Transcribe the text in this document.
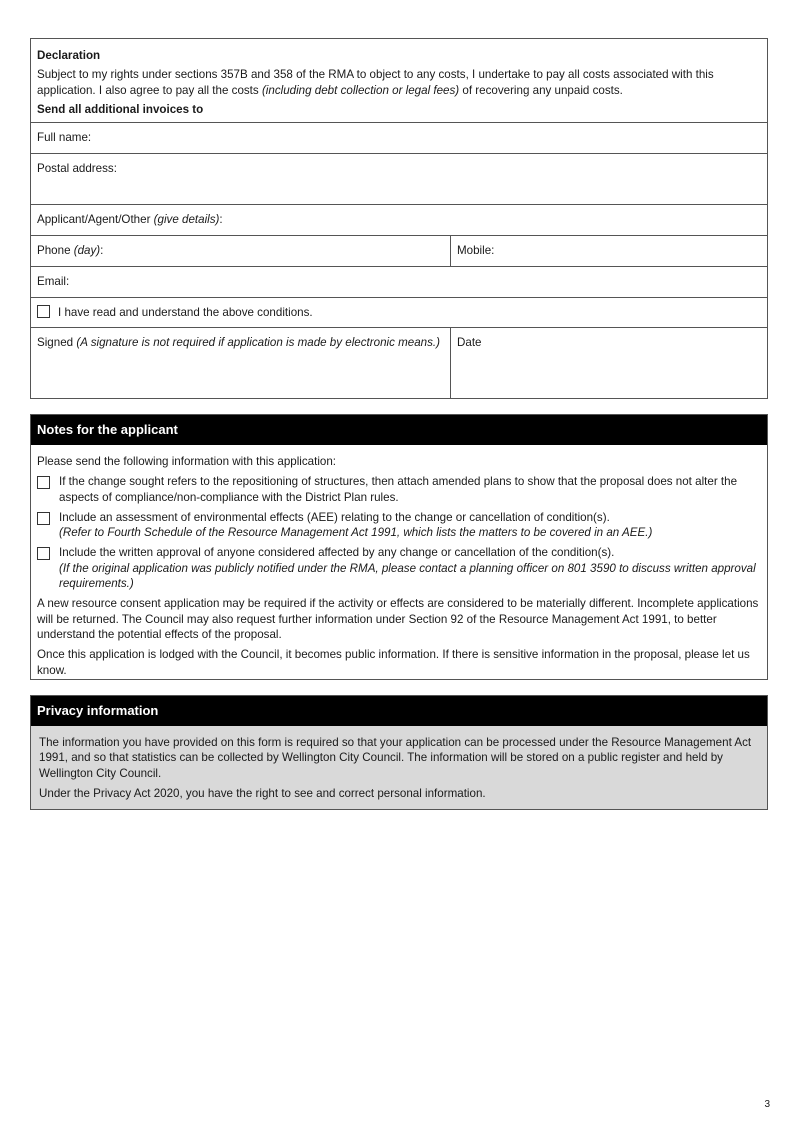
Declaration
Subject to my rights under sections 357B and 358 of the RMA to object to any costs, I undertake to pay all costs associated with this application. I also agree to pay all the costs (including debt collection or legal fees) of recovering any unpaid costs.
Send all additional invoices to
Full name:
Postal address:
Applicant/Agent/Other (give details):
Phone (day):	Mobile:
Email:
I have read and understand the above conditions.
Signed (A signature is not required if application is made by electronic means.)	Date
Notes for the applicant

Please send the following information with this application:

If the change sought refers to the repositioning of structures, then attach amended plans to show that the proposal does not alter the aspects of compliance/non-compliance with the District Plan rules.
Include an assessment of environmental effects (AEE) relating to the change or cancellation of condition(s).
(Refer to Fourth Schedule of the Resource Management Act 1991, which lists the matters to be covered in an AEE.)
Include the written approval of anyone considered affected by any change or cancellation of the condition(s).
(If the original application was publicly notified under the RMA, please contact a planning officer on 801 3590 to discuss written approval requirements.)

A new resource consent application may be required if the activity or effects are considered to be materially different. Incomplete applications will be returned. The Council may also request further information under Section 92 of the Resource Management Act 1991, to better understand the potential effects of the proposal.

Once this application is lodged with the Council, it becomes public information. If there is sensitive information in the proposal, please let us know.

Privacy information

The information you have provided on this form is required so that your application can be processed under the Resource Management Act 1991, and so that statistics can be collected by Wellington City Council. The information will be stored on a public register and held by Wellington City Council.

Under the Privacy Act 2020, you have the right to see and correct personal information.

3
